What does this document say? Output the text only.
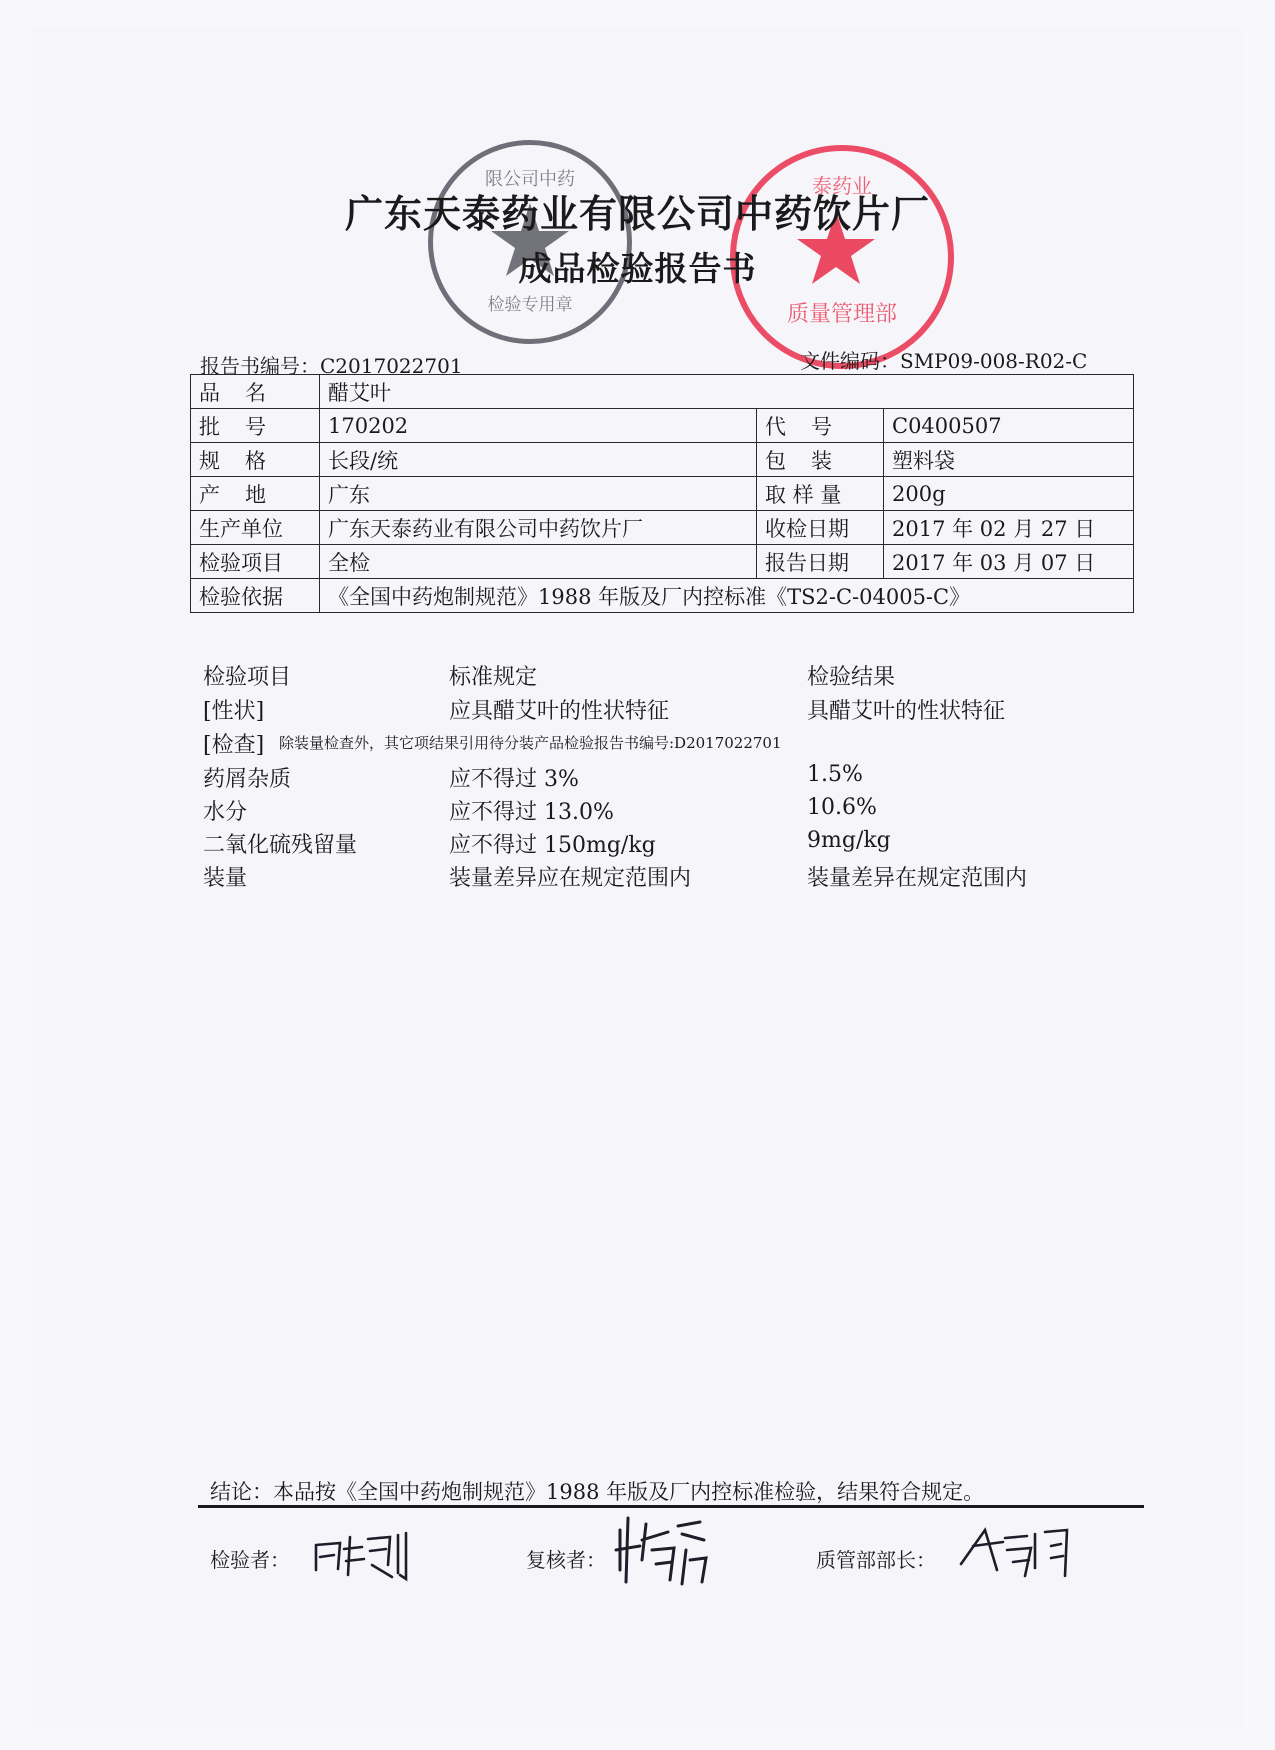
限公司中药
检验专用章
泰药业
质量管理部
广东天泰药业有限公司中药饮片厂
成品检验报告书
报告书编号：C2017022701	文件编码：SMP09-008-R02-C
品　名	醋艾叶		
批　号	170202	代　号	C0400507
规　格	长段/统	包　装	塑料袋
产　地	广东	取 样 量	200g
生产单位	广东天泰药业有限公司中药饮片厂	收检日期	2017 年 02 月 27 日
检验项目	全检	报告日期	2017 年 03 月 07 日
检验依据	《全国中药炮制规范》1988 年版及厂内控标准《TS2-C-04005-C》		
检验项目	标准规定	检验结果
[性状]	应具醋艾叶的性状特征	具醋艾叶的性状特征
[检查] 除装量检查外，其它项结果引用待分装产品检验报告书编号:D2017022701
药屑杂质	应不得过 3%	1.5%
水分	应不得过 13.0%	10.6%
二氧化硫残留量	应不得过 150mg/kg	9mg/kg
装量	装量差异应在规定范围内	装量差异在规定范围内
结论：本品按《全国中药炮制规范》1988 年版及厂内控标准检验，结果符合规定。
检验者：	复核者：	质管部部长：
